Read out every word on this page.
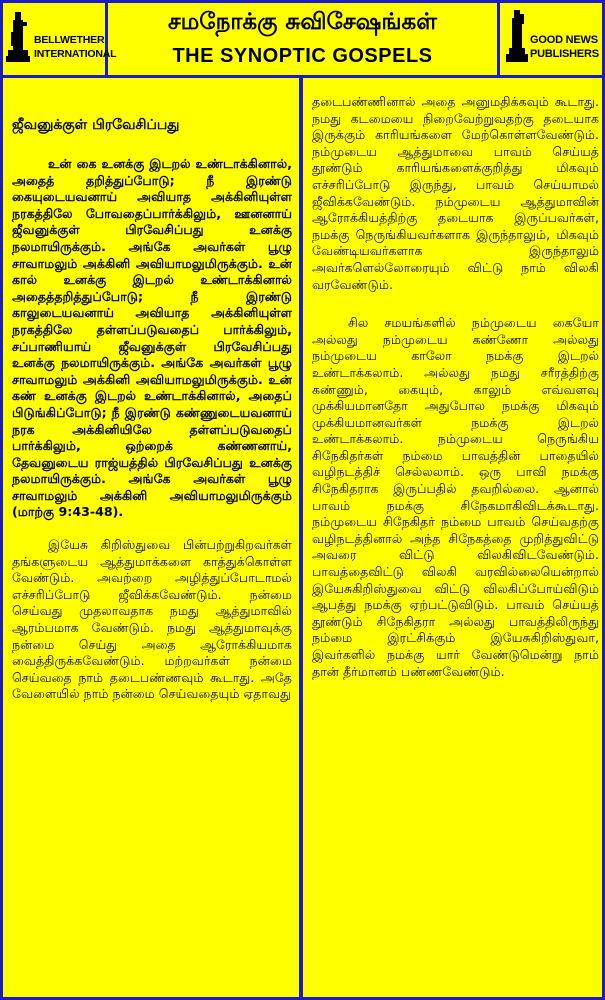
BELLWETHER
INTERNATIONAL
சமநோக்கு சுவிசேஷங்கள்
THE SYNOPTIC GOSPELS
GOOD NEWS
PUBLISHERS
ஜீவனுக்குள் பிரவேசிப்பது

உன் கை உனக்கு இடறல் உண்டாக்கினால், அதைத் தறித்துப்போடு; நீ இரண்டு கையுடையவனாய் அவியாத அக்கினியுள்ள நரகத்திலே போவதைப்பார்க்கிலும், ஊனனாய் ஜீவனுக்குள் பிரவேசிப்பது உனக்கு நலமாயிருக்கும். அங்கே அவர்கள் பூழு சாவாமலும் அக்கினி அவியாமலுமிருக்கும். உன் கால் உனக்கு இடறல் உண்டாக்கினால் அதைத்தறித்துப்போடு; நீ இரண்டு காலுடையவனாய் அவியாத அக்கினியுள்ள நரகத்திலே தள்ளப்படுவதைப் பார்க்கிலும், சப்பாணியாய் ஜீவனுக்குள் பிரவேசிப்பது உனக்கு நலமாயிருக்கும். அங்கே அவர்கள் பூழு சாவாமலும் அக்கினி அவியாமலுமிருக்கும். உன் கண் உனக்கு இடறல் உண்டாக்கினால், அதைப் பிடுங்கிப்போடு; நீ இரண்டு கண்ணுடையவனாய் நரக அக்கினியிலே தள்ளப்படுவதைப் பார்க்கிலும், ஒற்றைக் கண்ணனாய், தேவனுடைய ராஜ்யத்தில் பிரவேசிப்பது உனக்கு நலமாயிருக்கும். அங்கே அவர்கள் பூழு சாவாமலும் அக்கினி அவியாமலுமிருக்கும் (மாற்கு 9:43-48).

இயேசு கிறிஸ்துவை பின்பற்றுகிறவர்கள் தங்களுடைய ஆத்துமாக்களை காத்துக்கொள்ள வேண்டும். அவற்றை அழித்துப்போடாமல் எச்சரிப்போடு ஜீவிக்கவேண்டும். நன்மை செய்வது முதலாவதாக நமது ஆத்துமாவில் ஆரம்பமாக வேண்டும். நமது ஆத்துமாவுக்கு நன்மை செய்து அதை ஆரோக்கியமாக வைத்திருக்கவேண்டும். மற்றவர்கள் நன்மை செய்வதை நாம் தடைபண்ணவும் கூடாது. அதே வேளையில் நாம் நன்மை செய்வதையும் ஏதாவது

தடைபண்ணினால் அதை அனுமதிக்கவும் கூடாது. நமது கடமையை நிறைவேற்றுவதற்கு தடையாக இருக்கும் காரியங்களை மேற்கொள்ளவேண்டும். நம்முடைய ஆத்துமாவை பாவம் செய்யத் தூண்டும் காரியங்களைக்குறித்து மிகவும் எச்சரிப்போடு இருந்து, பாவம் செய்யாமல் ஜீவிக்கவேண்டும். நம்முடைய ஆத்துமாவின் ஆரோக்கியத்திற்கு தடையாக இருப்பவர்கள், நமக்கு நெருங்கியவர்களாக இருந்தாலும், மிகவும் வேண்டியவர்களாக இருந்தாலும் அவர்களெல்லோரையும் விட்டு நாம் விலகி வரவேண்டும்.

சில சமயங்களில் நம்முடைய கையோ அல்லது நம்முடைய கண்ணோ அல்லது நம்முடைய காலோ நமக்கு இடறல் உண்டாக்கலாம். அல்லது நமது சரீரத்திற்கு கண்ணும், கையும், காலும் எவ்வளவு முக்கியமானதோ அதுபோல நமக்கு மிகவும் முக்கியமானவர்கள் நமக்கு இடறல் உண்டாக்கலாம். நம்முடைய நெருங்கிய சிநேகிதர்கள் நம்மை பாவத்தின் பாதையில் வழிநடத்திச் செல்லலாம். ஒரு பாவி நமக்கு சிநேகிதராக இருப்பதில் தவறில்லை. ஆனால் பாவம் நமக்கு சிநேகமாகிவிடக்கூடாது. நம்முடைய சிநேகிதர் நம்மை பாவம் செய்வதற்கு வழிநடத்தினால் அந்த சிநேகத்தை முறித்துவிட்டு அவரை விட்டு விலகிவிடவேண்டும். பாவத்தைவிட்டு விலகி வரவில்லையென்றால் இயேசுகிறிஸ்துவை விட்டு விலகிப்போய்விடும் ஆபத்து நமக்கு ஏற்பட்டுவிடும். பாவம் செய்யத் தூண்டும் சிநேகிதரா அல்லது பாவத்திலிருந்து நம்மை இரட்சிக்கும் இயேசுகிறிஸ்துவா, இவர்களில் நமக்கு யார் வேண்டுமென்று நாம் தான் தீர்மானம் பண்ணவேண்டும்.
